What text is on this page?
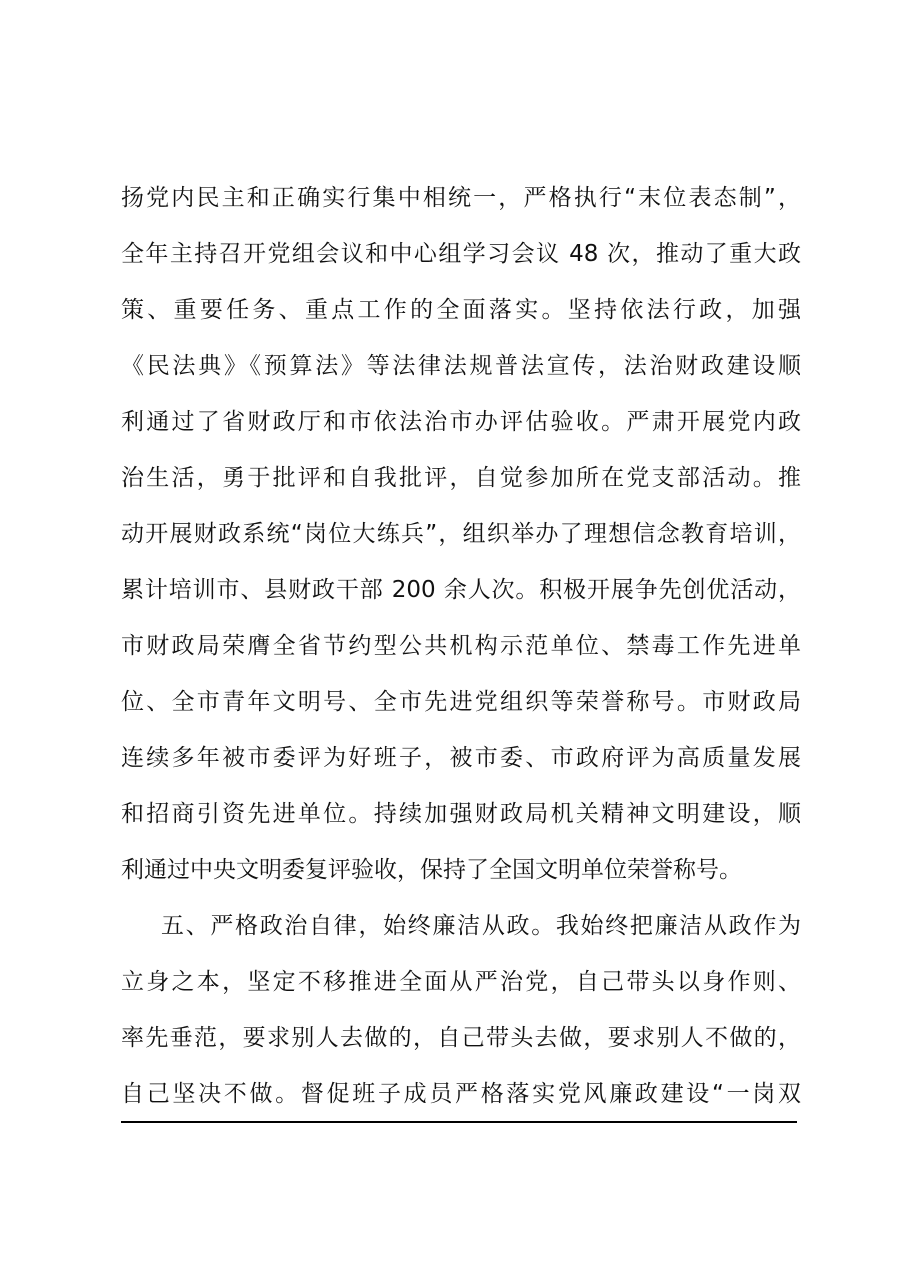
扬党内民主和正确实行集中相统一，严格执行“末位表态制”，
全年主持召开党组会议和中心组学习会议 48 次，推动了重大政
策、重要任务、重点工作的全面落实。坚持依法行政，加强
《民法典》《预算法》等法律法规普法宣传，法治财政建设顺
利通过了省财政厅和市依法治市办评估验收。严肃开展党内政
治生活，勇于批评和自我批评，自觉参加所在党支部活动。推
动开展财政系统“岗位大练兵”，组织举办了理想信念教育培训，
累计培训市、县财政干部 200 余人次。积极开展争先创优活动，
市财政局荣膺全省节约型公共机构示范单位、禁毒工作先进单
位、全市青年文明号、全市先进党组织等荣誉称号。市财政局
连续多年被市委评为好班子，被市委、市政府评为高质量发展
和招商引资先进单位。持续加强财政局机关精神文明建设，顺
利通过中央文明委复评验收，保持了全国文明单位荣誉称号。
五、严格政治自律，始终廉洁从政。我始终把廉洁从政作为
立身之本，坚定不移推进全面从严治党，自己带头以身作则、
率先垂范，要求别人去做的，自己带头去做，要求别人不做的，
自己坚决不做。督促班子成员严格落实党风廉政建设“一岗双
